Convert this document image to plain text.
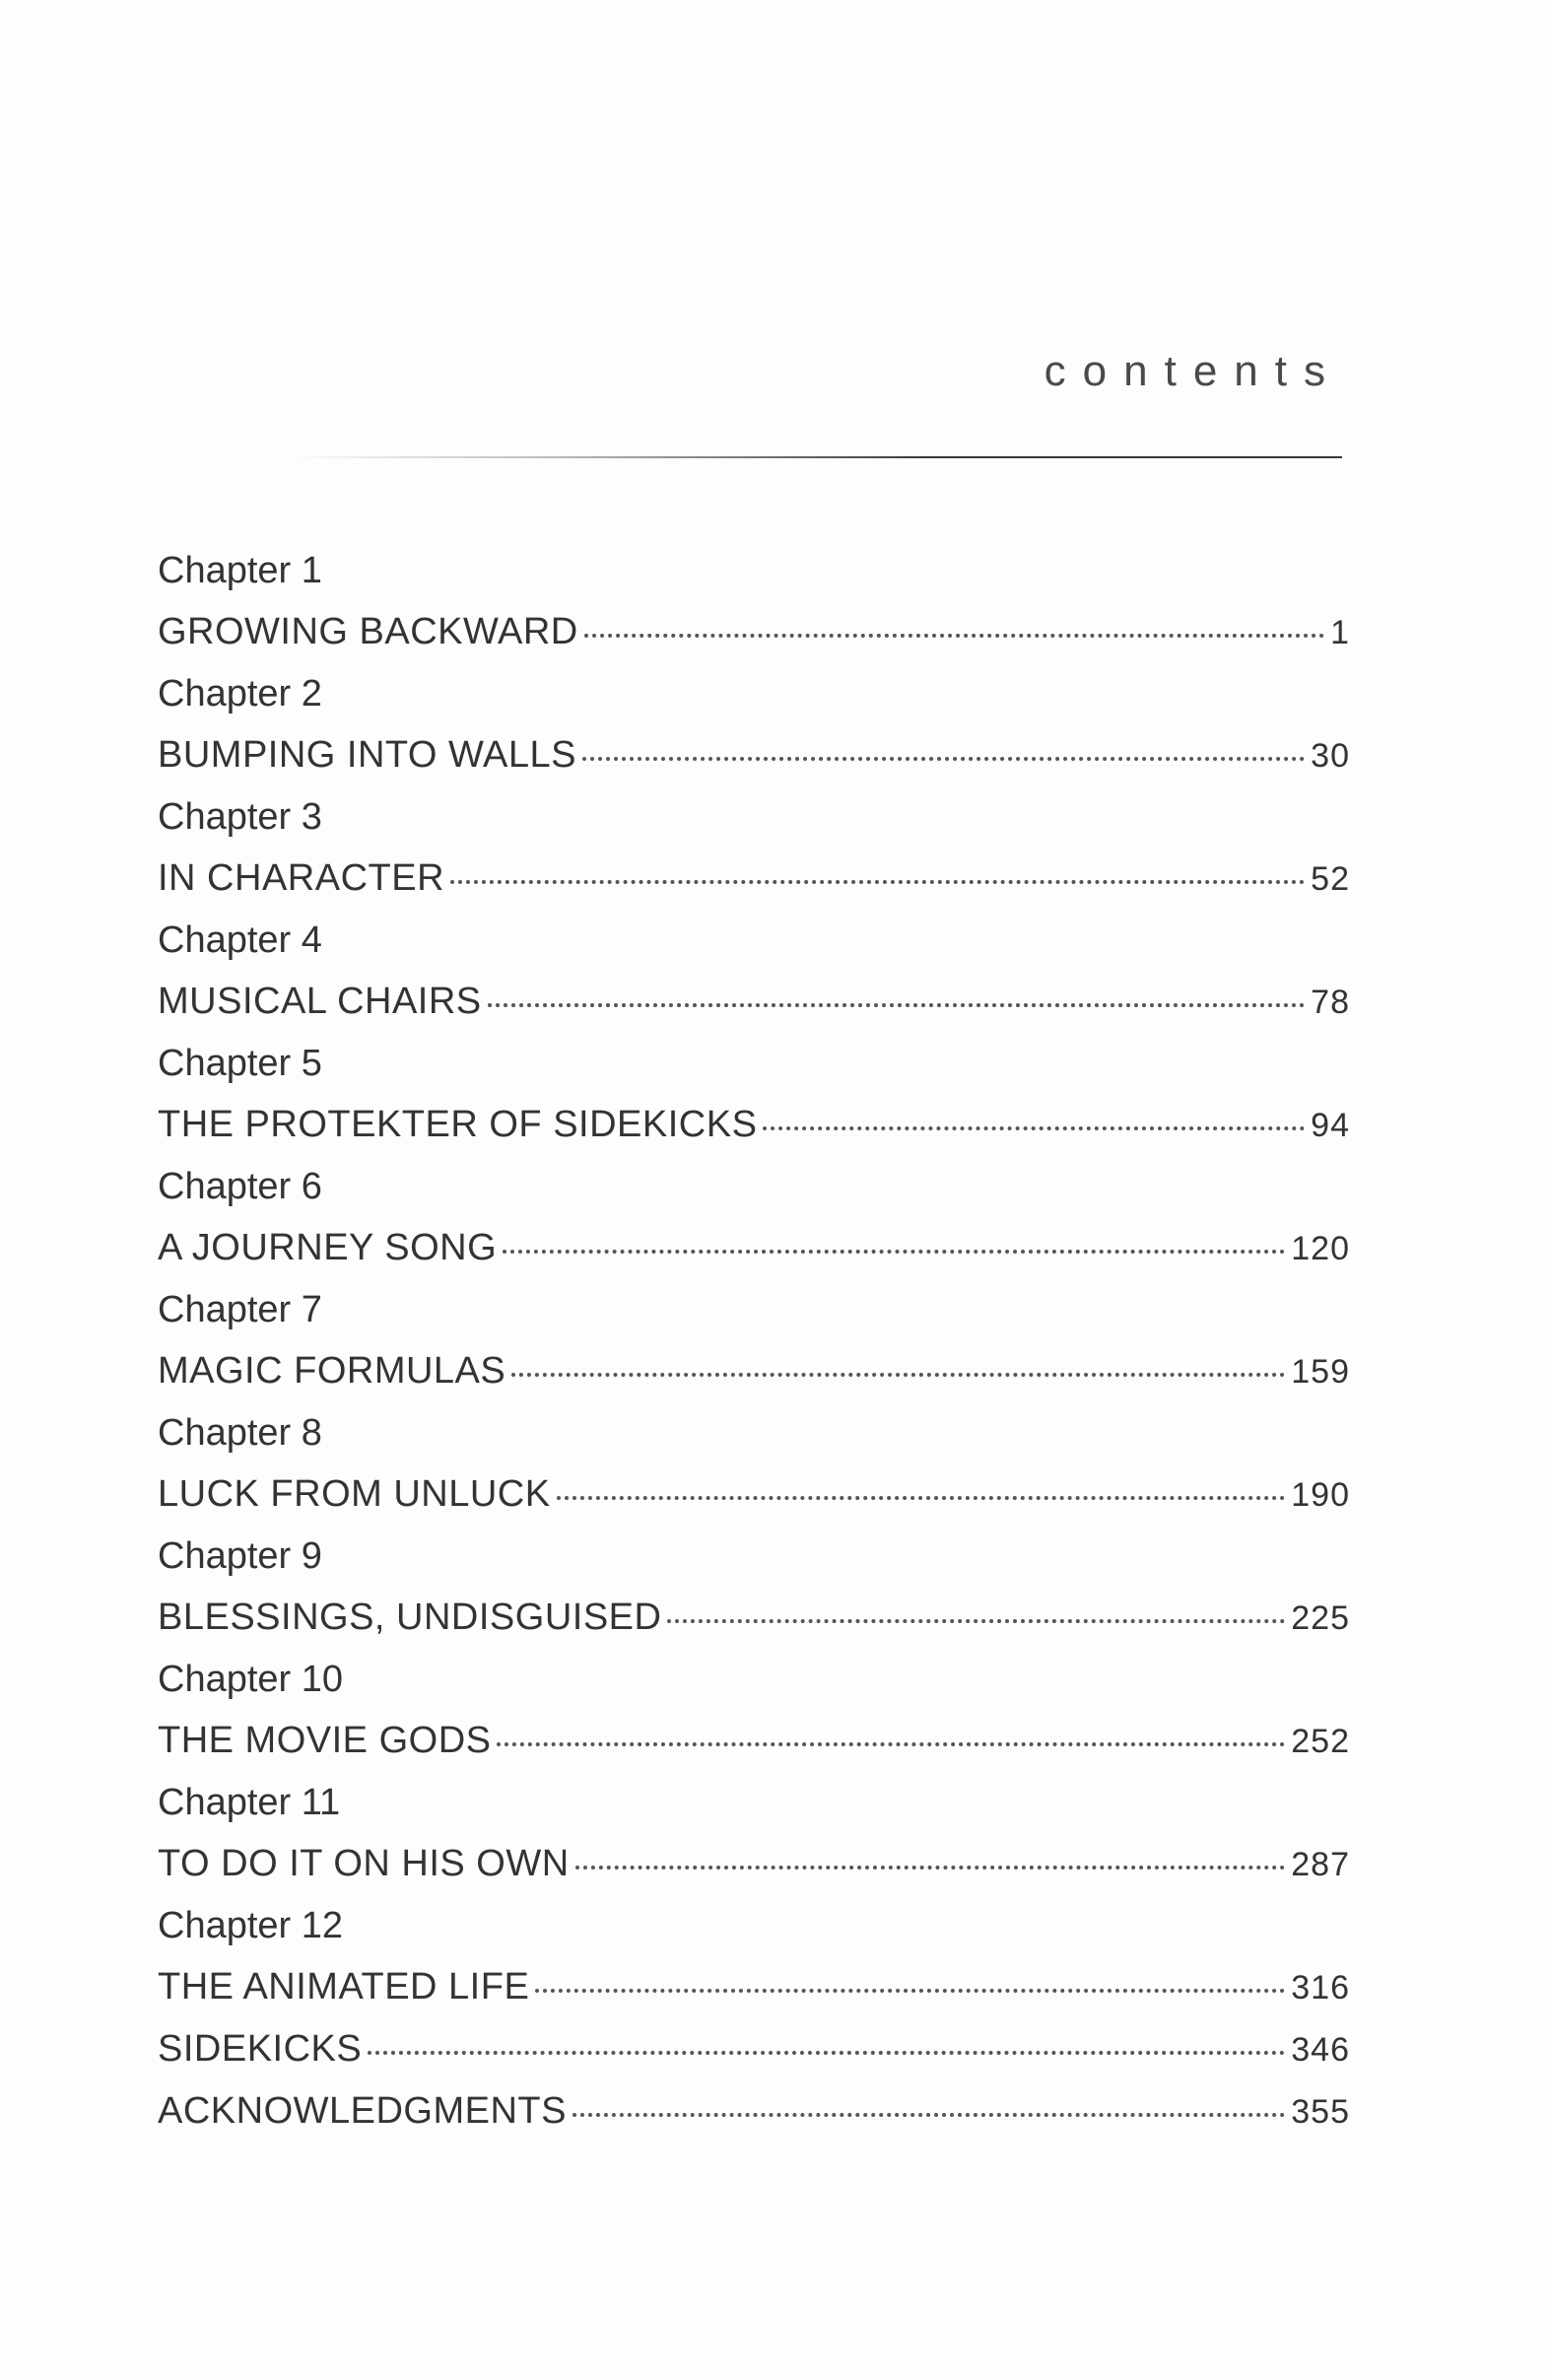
contents
Chapter 1
GROWING BACKWARD	1
Chapter 2
BUMPING INTO WALLS	30
Chapter 3
IN CHARACTER	52
Chapter 4
MUSICAL CHAIRS	78
Chapter 5
THE PROTEKTER OF SIDEKICKS	94
Chapter 6
A JOURNEY SONG	120
Chapter 7
MAGIC FORMULAS	159
Chapter 8
LUCK FROM UNLUCK	190
Chapter 9
BLESSINGS, UNDISGUISED	225
Chapter 10
THE MOVIE GODS	252
Chapter 11
TO DO IT ON HIS OWN	287
Chapter 12
THE ANIMATED LIFE	316
SIDEKICKS	346
ACKNOWLEDGMENTS	355
